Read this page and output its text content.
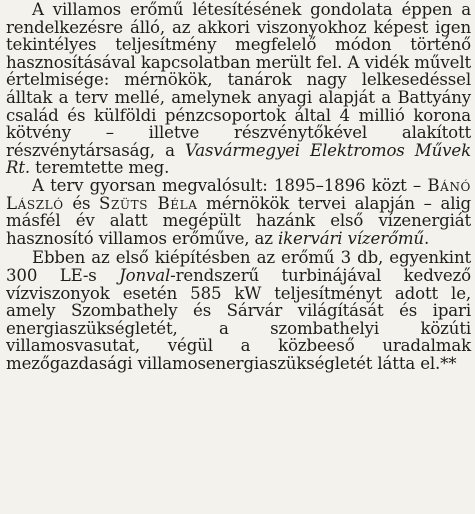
A villamos erőmű létesítésének gondolata éppen a rendelkezésre álló, az akkori viszonyokhoz képest igen tekintélyes teljesítmény megfelelő módon történő hasznosításával kapcsolatban merült fel. A vidék művelt értelmisége: mérnökök, tanárok nagy lelkesedéssel álltak a terv mellé, amelynek anyagi alapját a Battyány család és külföldi pénzcsoportok által 4 millió korona kötvény – illetve részvénytőkével alakított részvénytársaság, a Vasvármegyei Elektromos Művek Rt. teremtette meg.

A terv gyorsan megvalósult: 1895–1896 közt – Bánó László és Szüts Béla mérnökök tervei alapján – alig másfél év alatt megépült hazánk első vízenergiát hasznosító villamos erőműve, az ikervári vízerőmű.

Ebben az első kiépítésben az erőmű 3 db, egyenkint 300 LE-s Jonval-rendszerű turbinájával kedvező vízviszonyok esetén 585 kW teljesítményt adott le, amely Szombathely és Sárvár világítását és ipari energiaszükségletét, a szombathelyi közúti villamosvasutat, végül a közbeeső uradalmak mezőgazdasági villamosenergiaszükségletét látta el.**
